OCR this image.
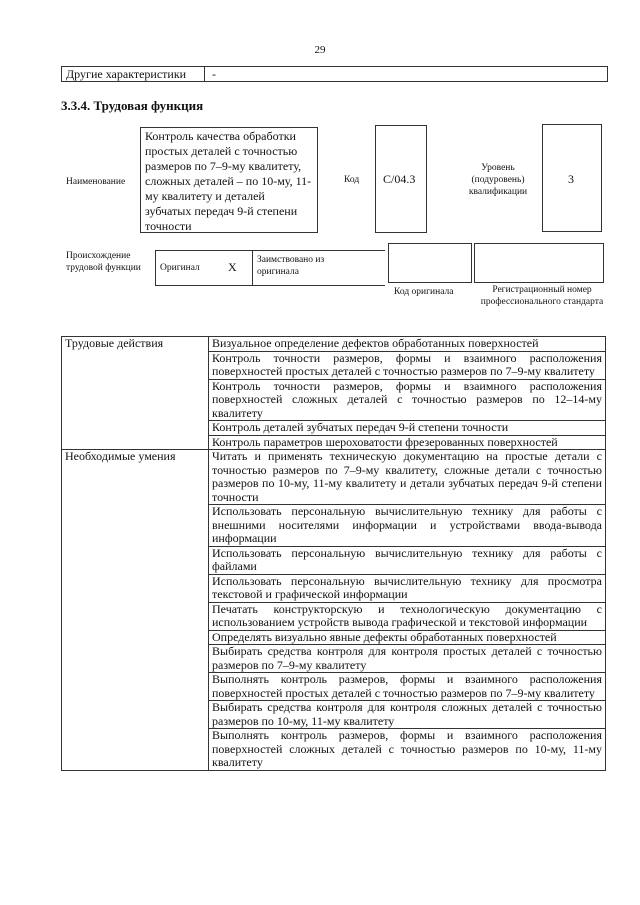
29
Другие характеристики -
3.3.4. Трудовая функция
Наименование
Контроль качества обработки простых деталей с точностью размеров по 7–9-му квалитету, сложных деталей – по 10-му, 11-му квалитету и деталей зубчатых передач 9-й степени точности
Код C/04.3
Уровень (подуровень) квалификации
3
Происхождение трудовой функции	Оригинал X Заимствовано из оригинала
Код оригинала	Регистрационный номер профессионального стандарта
Трудовые действия	Визуальное определение дефектов обработанных поверхностей
	Контроль точности размеров, формы и взаимного расположения поверхностей простых деталей с точностью размеров по 7–9-му квалитету
	Контроль точности размеров, формы и взаимного расположения поверхностей сложных деталей с точностью размеров по 12–14-му квалитету
	Контроль деталей зубчатых передач 9-й степени точности
	Контроль параметров шероховатости фрезерованных поверхностей
Необходимые умения	Читать и применять техническую документацию на простые детали с точностью размеров по 7–9-му квалитету, сложные детали с точностью размеров по 10-му, 11-му квалитету и детали зубчатых передач 9-й степени точности
	Использовать персональную вычислительную технику для работы с внешними носителями информации и устройствами ввода-вывода информации
	Использовать персональную вычислительную технику для работы с файлами
	Использовать персональную вычислительную технику для просмотра текстовой и графической информации
	Печатать конструкторскую и технологическую документацию с использованием устройств вывода графической и текстовой информации
	Определять визуально явные дефекты обработанных поверхностей
	Выбирать средства контроля для контроля простых деталей с точностью размеров по 7–9-му квалитету
	Выполнять контроль размеров, формы и взаимного расположения поверхностей простых деталей с точностью размеров по 7–9-му квалитету
	Выбирать средства контроля для контроля сложных деталей с точностью размеров по 10-му, 11-му квалитету
	Выполнять контроль размеров, формы и взаимного расположения поверхностей сложных деталей с точностью размеров по 10-му, 11-му квалитету
